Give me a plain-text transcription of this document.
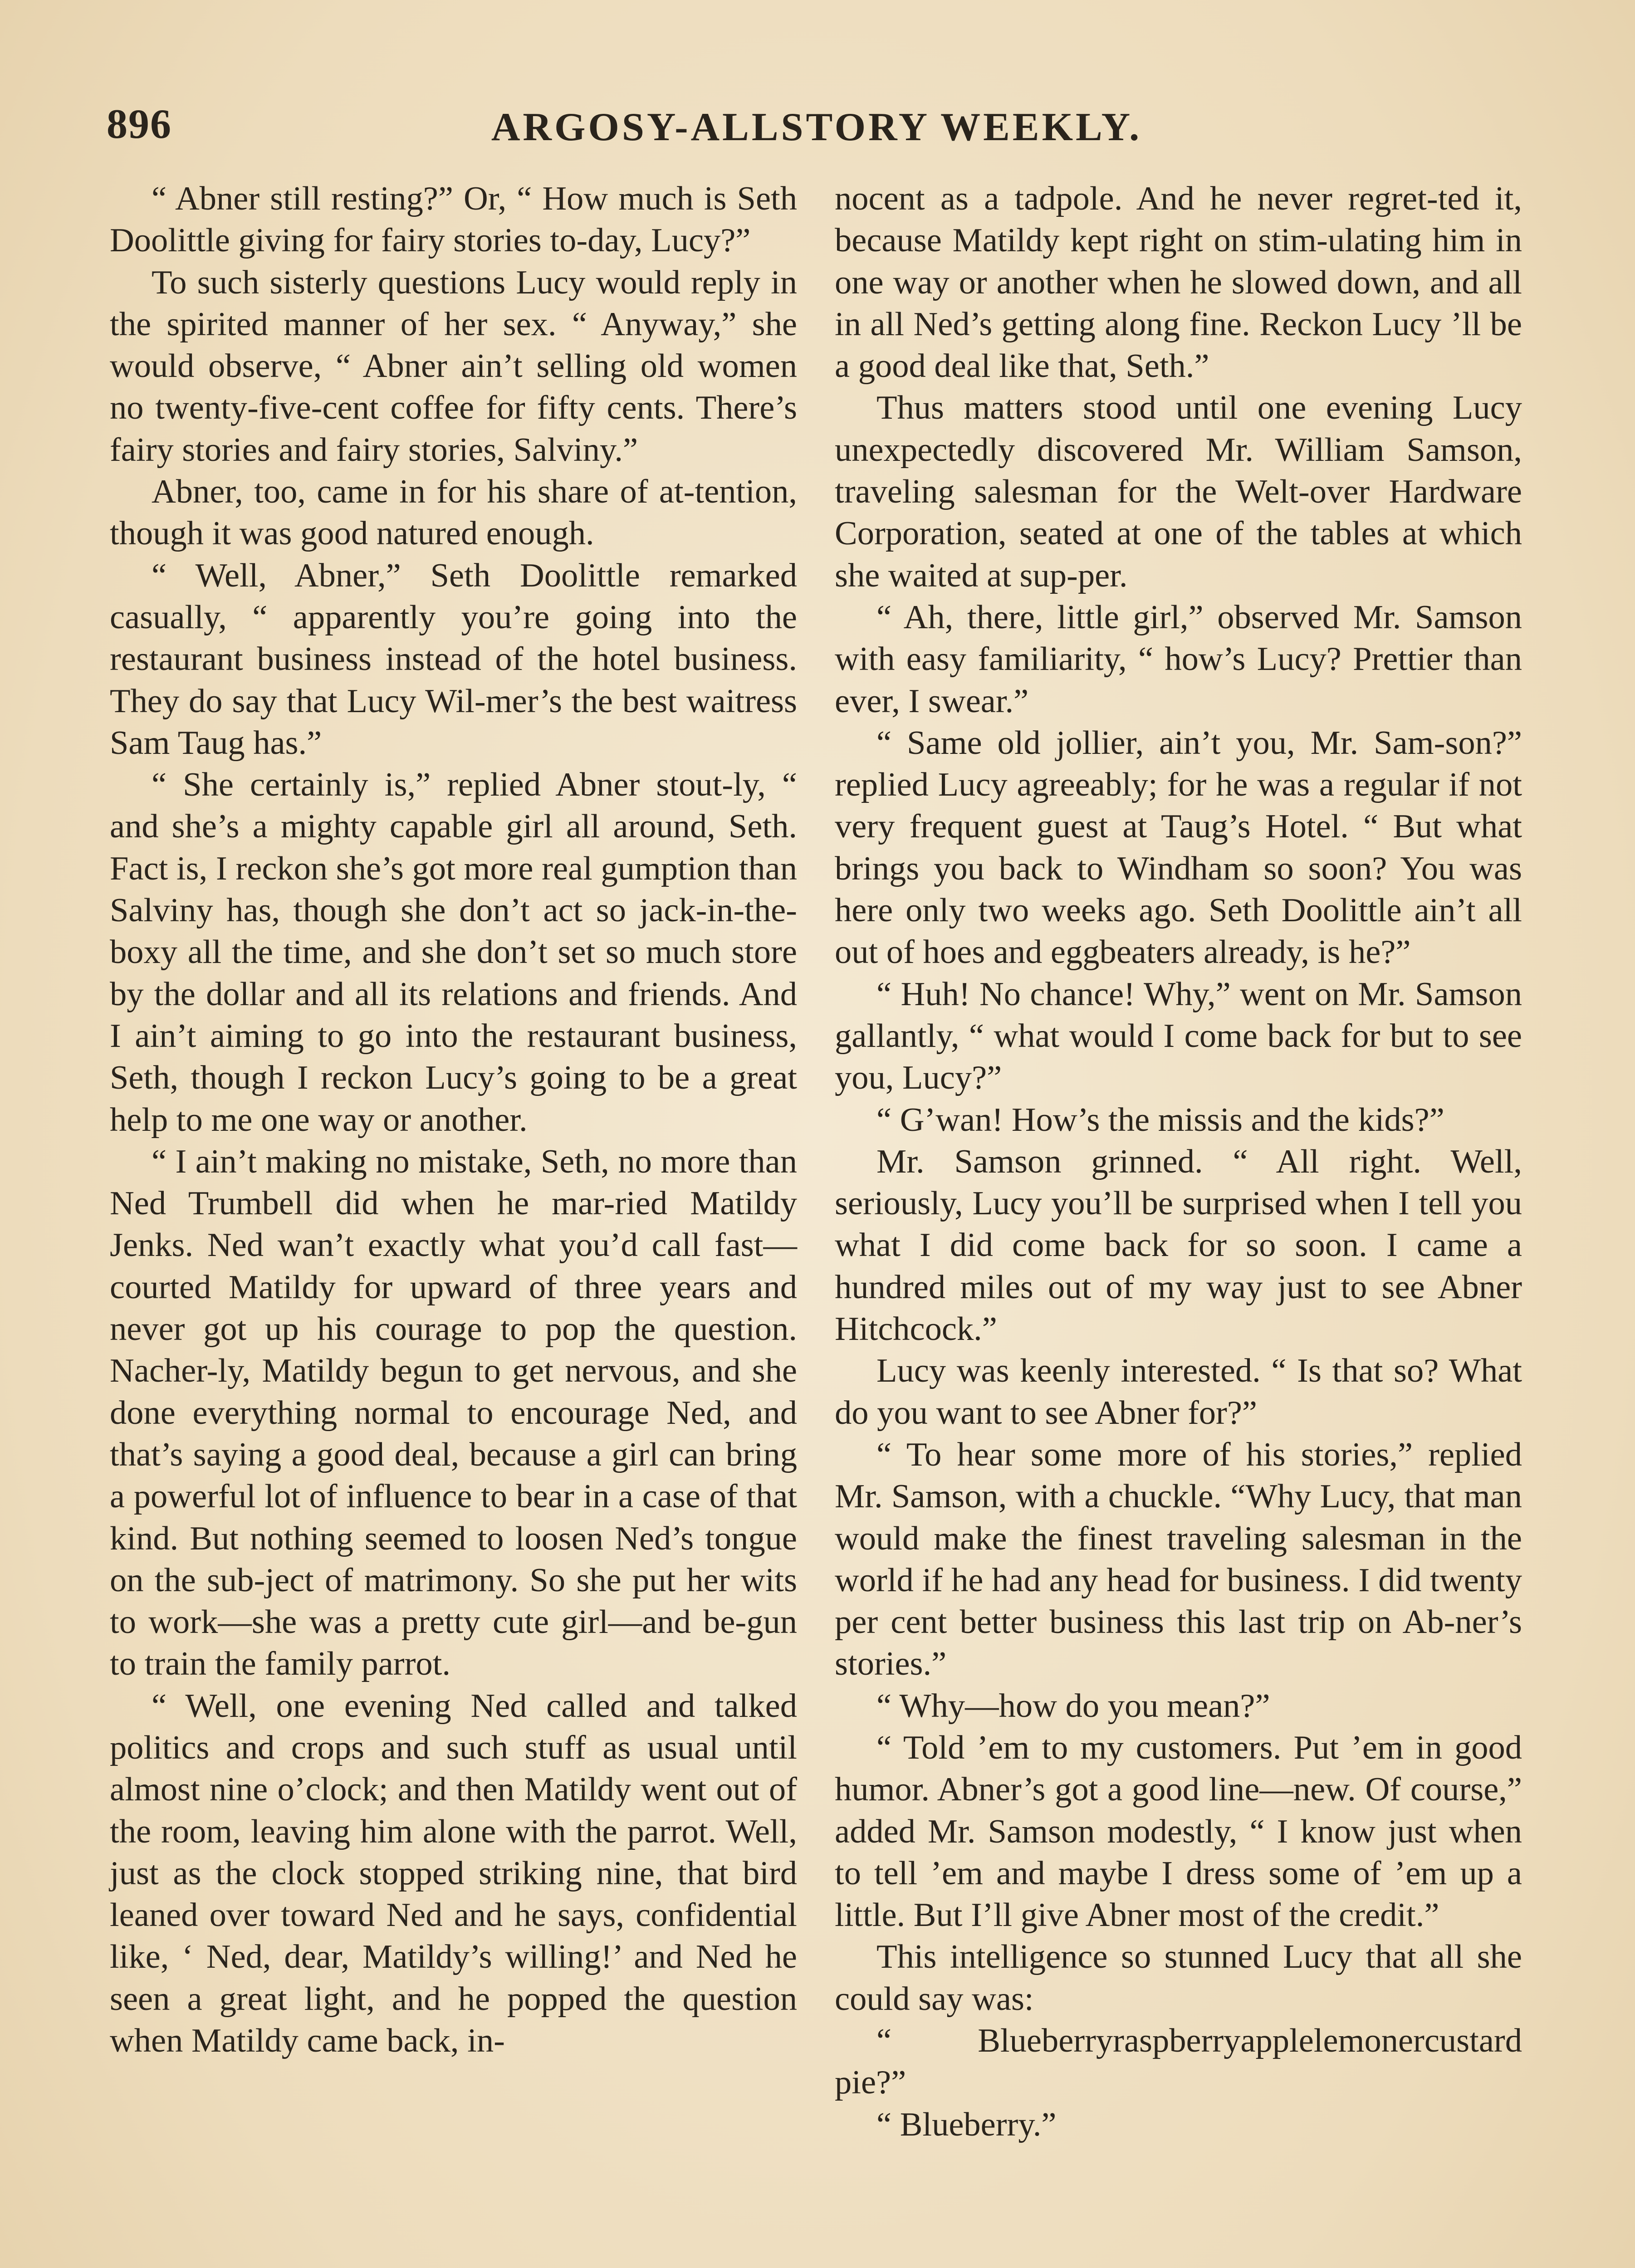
896	ARGOSY-ALLSTORY WEEKLY.

“ Abner still resting?” Or, “ How much is Seth Doolittle giving for fairy stories to-day, Lucy?”

To such sisterly questions Lucy would reply in the spirited manner of her sex. “ Anyway,” she would observe, “ Abner ain’t selling old women no twenty-five-cent coffee for fifty cents. There’s fairy stories and fairy stories, Salviny.”

Abner, too, came in for his share of at-tention, though it was good natured enough.

“ Well, Abner,” Seth Doolittle remarked casually, “ apparently you’re going into the restaurant business instead of the hotel business. They do say that Lucy Wil-mer’s the best waitress Sam Taug has.”

“ She certainly is,” replied Abner stout-ly, “ and she’s a mighty capable girl all around, Seth. Fact is, I reckon she’s got more real gumption than Salviny has, though she don’t act so jack-in-the-boxy all the time, and she don’t set so much store by the dollar and all its relations and friends. And I ain’t aiming to go into the restaurant business, Seth, though I reckon Lucy’s going to be a great help to me one way or another.

“ I ain’t making no mistake, Seth, no more than Ned Trumbell did when he mar-ried Matildy Jenks. Ned wan’t exactly what you’d call fast—courted Matildy for upward of three years and never got up his courage to pop the question. Nacher-ly, Matildy begun to get nervous, and she done everything normal to encourage Ned, and that’s saying a good deal, because a girl can bring a powerful lot of influence to bear in a case of that kind. But nothing seemed to loosen Ned’s tongue on the sub-ject of matrimony. So she put her wits to work—she was a pretty cute girl—and be-gun to train the family parrot.

“ Well, one evening Ned called and talked politics and crops and such stuff as usual until almost nine o’clock; and then Matildy went out of the room, leaving him alone with the parrot. Well, just as the clock stopped striking nine, that bird leaned over toward Ned and he says, confidential like, ‘ Ned, dear, Matildy’s willing!’ and Ned he seen a great light, and he popped the question when Matildy came back, in-

nocent as a tadpole. And he never regret-ted it, because Matildy kept right on stim-ulating him in one way or another when he slowed down, and all in all Ned’s getting along fine. Reckon Lucy ’ll be a good deal like that, Seth.”

Thus matters stood until one evening Lucy unexpectedly discovered Mr. William Samson, traveling salesman for the Welt-over Hardware Corporation, seated at one of the tables at which she waited at sup-per.

“ Ah, there, little girl,” observed Mr. Samson with easy familiarity, “ how’s Lucy? Prettier than ever, I swear.”

“ Same old jollier, ain’t you, Mr. Sam-son?” replied Lucy agreeably; for he was a regular if not very frequent guest at Taug’s Hotel. “ But what brings you back to Windham so soon? You was here only two weeks ago. Seth Doolittle ain’t all out of hoes and eggbeaters already, is he?”

“ Huh! No chance! Why,” went on Mr. Samson gallantly, “ what would I come back for but to see you, Lucy?”

“ G’wan! How’s the missis and the kids?”

Mr. Samson grinned. “ All right. Well, seriously, Lucy you’ll be surprised when I tell you what I did come back for so soon. I came a hundred miles out of my way just to see Abner Hitchcock.”

Lucy was keenly interested. “ Is that so? What do you want to see Abner for?”

“ To hear some more of his stories,” replied Mr. Samson, with a chuckle. “Why Lucy, that man would make the finest traveling salesman in the world if he had any head for business. I did twenty per cent better business this last trip on Ab-ner’s stories.”

“ Why—how do you mean?”

“ Told ’em to my customers. Put ’em in good humor. Abner’s got a good line—new. Of course,” added Mr. Samson modestly, “ I know just when to tell ’em and maybe I dress some of ’em up a little. But I’ll give Abner most of the credit.”

This intelligence so stunned Lucy that all she could say was:

“ Blueberryraspberryapplelemonercustard pie?”

“ Blueberry.”
